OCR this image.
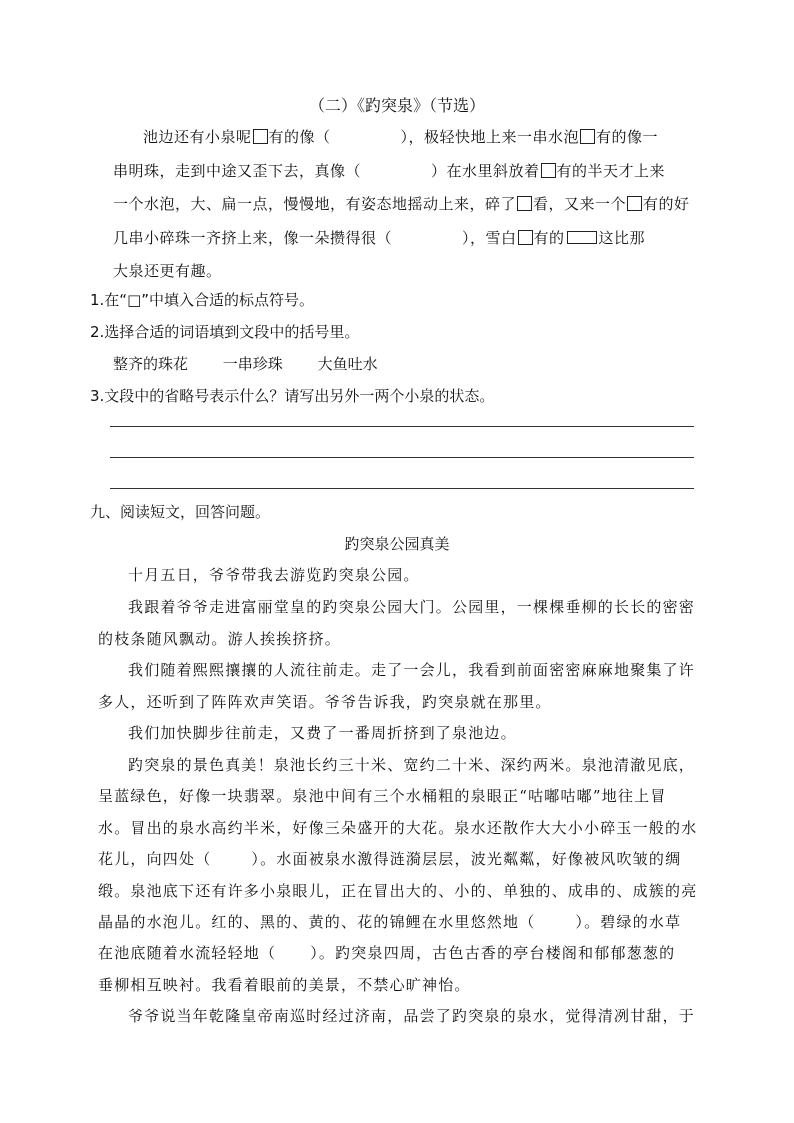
（二）《趵突泉》（节选）
池边还有小泉呢 有的像（	），极轻快地上来一串水泡 有的像一
串明珠，走到中途又歪下去，真像（	）在水里斜放着 有的半天才上来
一个水泡，大、扁一点，慢慢地，有姿态地摇动上来，碎了 看，又来一个 有的好
几串小碎珠一齐挤上来，像一朵攒得很（	），雪白 有的 这比那
大泉还更有趣。
1.在“□”中填入合适的标点符号。
2.选择合适的词语填到文段中的括号里。
整齐的珠花 一串珍珠 大鱼吐水
3.文段中的省略号表示什么？请写出另外一两个小泉的状态。
九、阅读短文，回答问题。
趵突泉公园真美
十月五日，爷爷带我去游览趵突泉公园。
我跟着爷爷走进富丽堂皇的趵突泉公园大门。公园里，一棵棵垂柳的长长的密密
的枝条随风飘动。游人挨挨挤挤。
我们随着熙熙攘攘的人流往前走。走了一会儿，我看到前面密密麻麻地聚集了许
多人，还听到了阵阵欢声笑语。爷爷告诉我，趵突泉就在那里。
我们加快脚步往前走，又费了一番周折挤到了泉池边。
趵突泉的景色真美！泉池长约三十米、宽约二十米、深约两米。泉池清澈见底，
呈蓝绿色，好像一块翡翠。泉池中间有三个水桶粗的泉眼正“咕嘟咕嘟”地往上冒
水。冒出的泉水高约半米，好像三朵盛开的大花。泉水还散作大大小小碎玉一般的水
花儿，向四处（	）。水面被泉水激得涟漪层层，波光粼粼，好像被风吹皱的绸
缎。泉池底下还有许多小泉眼儿，正在冒出大的、小的、单独的、成串的、成簇的亮
晶晶的水泡儿。红的、黑的、黄的、花的锦鲤在水里悠然地（	）。碧绿的水草
在池底随着水流轻轻地（ ）。趵突泉四周，古色古香的亭台楼阁和郁郁葱葱的
垂柳相互映衬。我看着眼前的美景，不禁心旷神怡。
爷爷说当年乾隆皇帝南巡时经过济南，品尝了趵突泉的泉水，觉得清冽甘甜，于
